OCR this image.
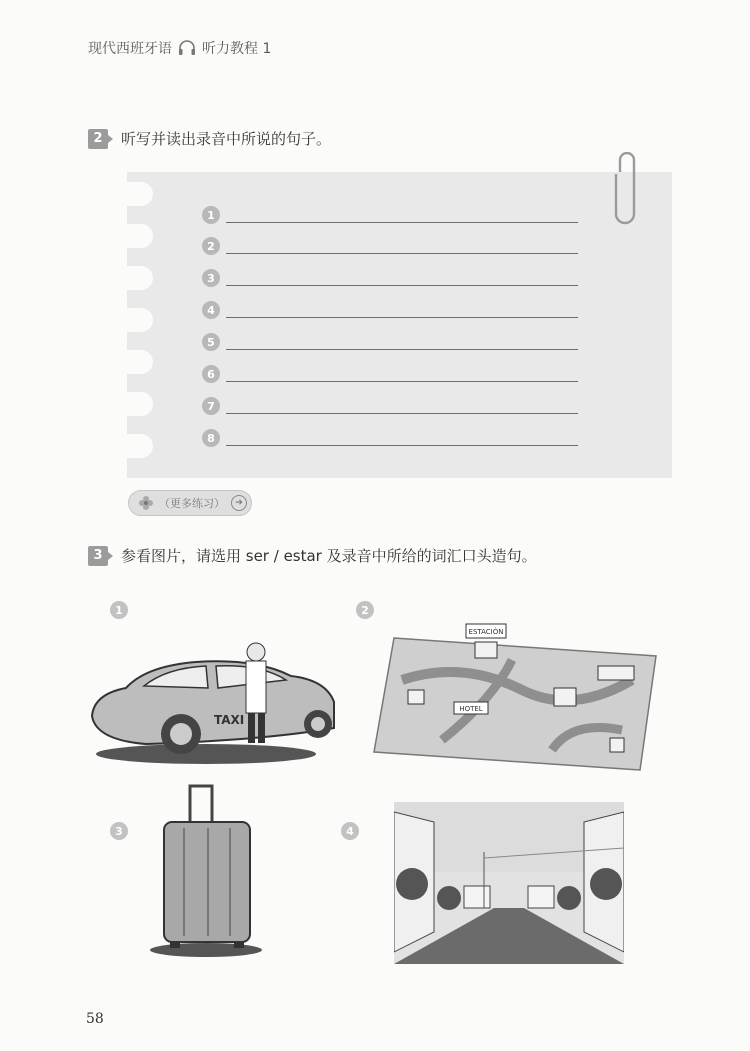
现代西班牙语 听力教程 1
2	听写并读出录音中所说的句子。
1
2
3
4
5
6
7
8
（更多练习）	➔
3	参看图片，请选用 ser / estar 及录音中所给的词汇口头造句。
1
TAXI
2
ESTACIÓN
HOTEL
3	4
58
